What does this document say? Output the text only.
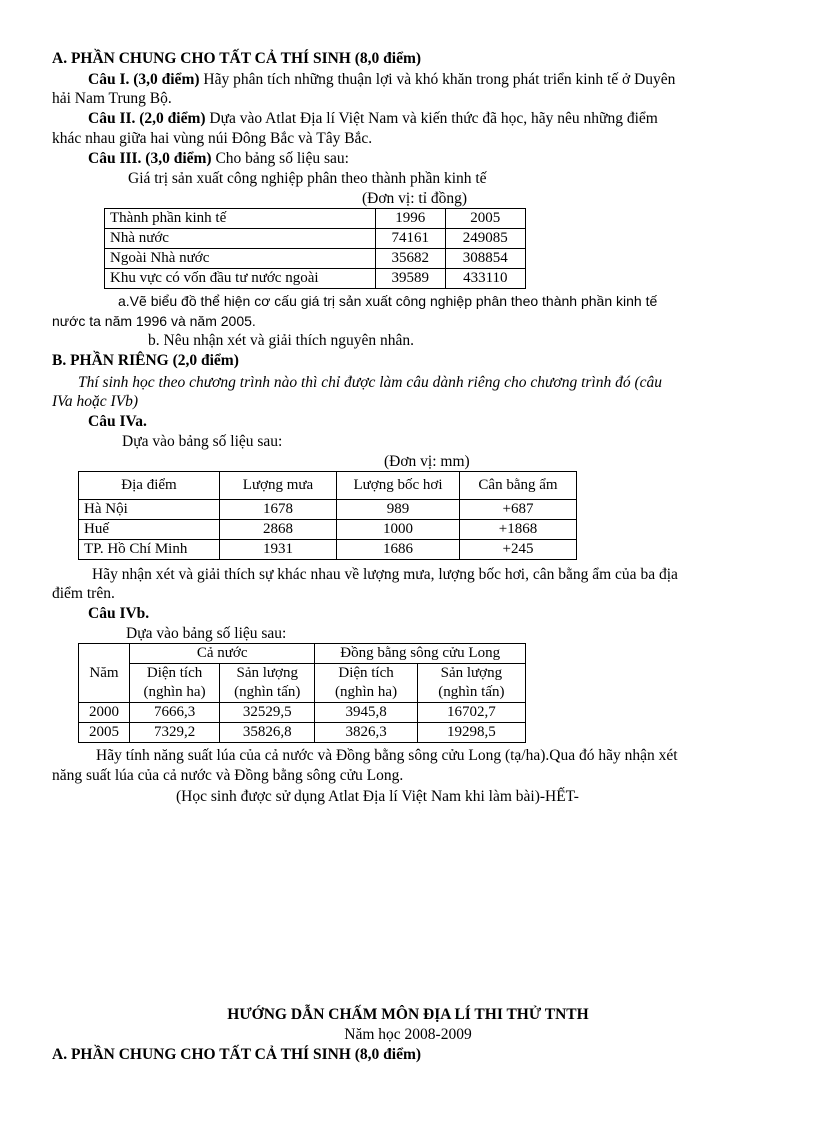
A. PHẦN CHUNG CHO TẤT CẢ THÍ SINH (8,0 điểm)
Câu I. (3,0 điểm) Hãy phân tích những thuận lợi và khó khăn trong phát triển kinh tế ở Duyên
hải Nam Trung Bộ.
Câu II. (2,0 điểm) Dựa vào Atlat Địa lí Việt Nam và kiến thức đã học, hãy nêu những điểm
khác nhau giữa hai vùng núi Đông Bắc và Tây Bắc.
Câu III. (3,0 điểm) Cho bảng số liệu sau:
Giá trị sản xuất công nghiệp phân theo thành phần kinh tế
(Đơn vị: tỉ đồng)
Thành phần kinh tế	1996	2005
Nhà nước	74161	249085
Ngoài Nhà nước	35682	308854
Khu vực có vốn đầu tư nước ngoài	39589	433110
a.Vẽ biểu đồ thể hiện cơ cấu giá trị sản xuất công nghiệp phân theo thành phần kinh tế
nước ta năm 1996 và năm 2005.
b. Nêu nhận xét và giải thích nguyên nhân.
B. PHẦN RIÊNG (2,0 điểm)
Thí sinh học theo chương trình nào thì chỉ được làm câu dành riêng cho chương trình đó (câu
IVa hoặc IVb)
Câu IVa.
Dựa vào bảng số liệu sau:
(Đơn vị: mm)
Địa điểm	Lượng mưa	Lượng bốc hơi	Cân bằng ẩm
Hà Nội	1678	989	+687
Huế	2868	1000	+1868
TP. Hồ Chí Minh	1931	1686	+245
Hãy nhận xét và giải thích sự khác nhau về lượng mưa, lượng bốc hơi, cân bằng ẩm của ba địa
điểm trên.
Câu IVb.
Dựa vào bảng số liệu sau:
Năm	Cả nước		Đồng bằng sông cửu Long	
	Diện tích	Sản lượng	Diện tích	Sản lượng
	(nghìn ha)	(nghìn tấn)	(nghìn ha)	(nghìn tấn)
2000	7666,3	32529,5	3945,8	16702,7
2005	7329,2	35826,8	3826,3	19298,5
Hãy tính năng suất lúa của cả nước và Đồng bằng sông cửu Long (tạ/ha).Qua đó hãy nhận xét
năng suất lúa của cả nước và Đồng bằng sông cửu Long.
(Học sinh được sử dụng Atlat Địa lí Việt Nam khi làm bài)-HẾT-
HƯỚNG DẪN CHẤM MÔN ĐỊA LÍ THI THỬ TNTH
Năm học 2008-2009
A. PHẦN CHUNG CHO TẤT CẢ THÍ SINH (8,0 điểm)
